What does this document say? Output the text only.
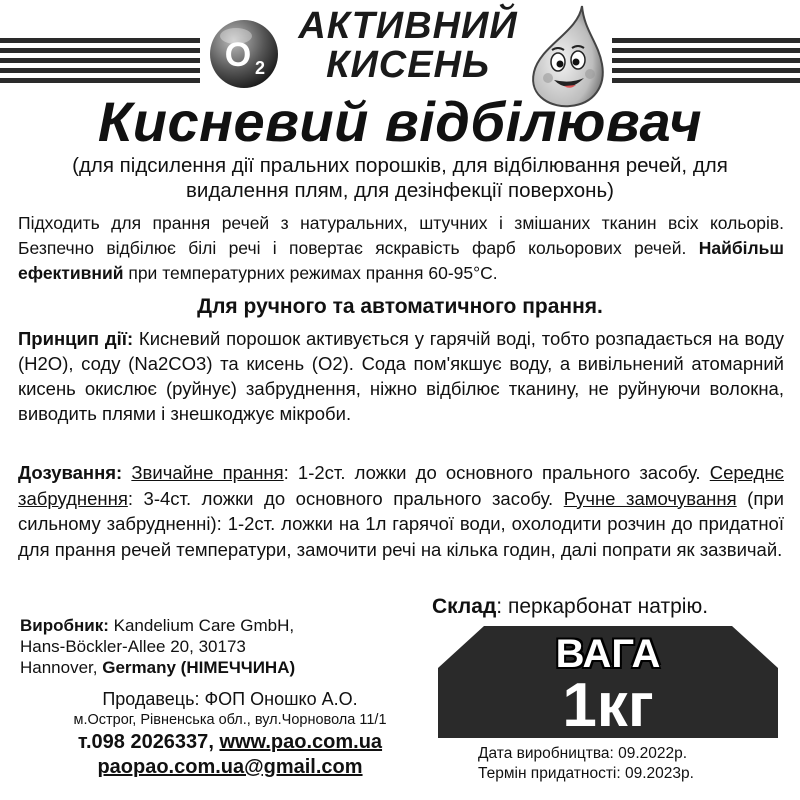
O 2
АКТИВНИЙ
КИСЕНЬ
Кисневий відбілювач
(для підсилення дії пральних порошків, для відбілювання речей, для видалення плям, для дезінфекції поверхонь)
Підходить для прання речей з натуральних, штучних і змішаних тканин всіх кольорів. Безпечно відбілює білі речі і повертає яскравість фарб кольорових речей. Найбільш ефективний при температурних режимах прання 60-95°С.
Для ручного та автоматичного прання.
Принцип дії: Кисневий порошок активується у гарячій воді, тобто розпадається на воду (Н2О), соду (Na2CO3) та кисень (О2). Сода пом'якшує воду, а вивільнений атомарний кисень окислює (руйнує) забруднення, ніжно відбілює тканину, не руйнуючи волокна, виводить плями і знешкоджує мікроби.
Дозування: Звичайне прання: 1-2ст. ложки до основного прального засобу. Середнє забруднення: 3-4ст. ложки до основного прального засобу. Ручне замочування (при сильному забрудненні): 1-2ст. ложки на 1л гарячої води, охолодити розчин до придатної для прання речей температури, замочити речі на кілька годин, далі попрати як зазвичай.
Склад: перкарбонат натрію.
Виробник: Kandelium Care GmbH,
Hans-Böckler-Allee 20, 30173
Hannover, Germany (НІМЕЧЧИНА)	ВАГА
1кг
Продавець: ФОП Оношко А.О.
м.Острог, Рівненська обл., вул.Чорновола 11/1
т.098 2026337, www.pao.com.ua
paopao.com.ua@gmail.com
Дата виробництва: 09.2022р.
Термін придатності: 09.2023р.
